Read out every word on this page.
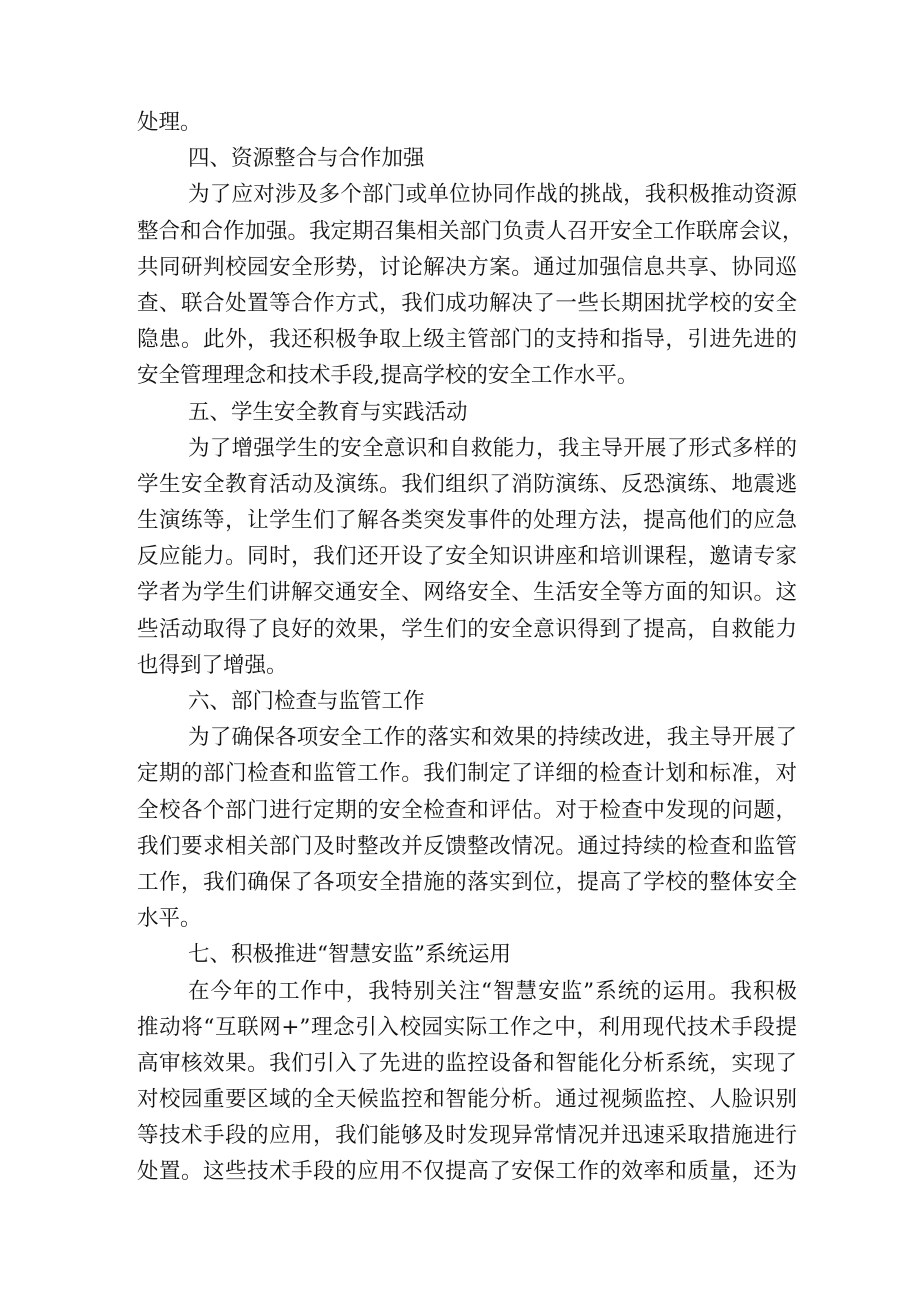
处理。
四、资源整合与合作加强
为了应对涉及多个部门或单位协同作战的挑战，我积极推动资源
整合和合作加强。我定期召集相关部门负责人召开安全工作联席会议，
共同研判校园安全形势，讨论解决方案。通过加强信息共享、协同巡
查、联合处置等合作方式，我们成功解决了一些长期困扰学校的安全
隐患。此外，我还积极争取上级主管部门的支持和指导，引进先进的
安全管理理念和技术手段,提高学校的安全工作水平。
五、学生安全教育与实践活动
为了增强学生的安全意识和自救能力，我主导开展了形式多样的
学生安全教育活动及演练。我们组织了消防演练、反恐演练、地震逃
生演练等，让学生们了解各类突发事件的处理方法，提高他们的应急
反应能力。同时，我们还开设了安全知识讲座和培训课程，邀请专家
学者为学生们讲解交通安全、网络安全、生活安全等方面的知识。这
些活动取得了良好的效果，学生们的安全意识得到了提高，自救能力
也得到了增强。
六、部门检查与监管工作
为了确保各项安全工作的落实和效果的持续改进，我主导开展了
定期的部门检查和监管工作。我们制定了详细的检查计划和标准，对
全校各个部门进行定期的安全检查和评估。对于检查中发现的问题，
我们要求相关部门及时整改并反馈整改情况。通过持续的检查和监管
工作，我们确保了各项安全措施的落实到位，提高了学校的整体安全
水平。
七、积极推进“智慧安监”系统运用
在今年的工作中，我特别关注“智慧安监”系统的运用。我积极
推动将“互联网+”理念引入校园实际工作之中，利用现代技术手段提
高审核效果。我们引入了先进的监控设备和智能化分析系统，实现了
对校园重要区域的全天候监控和智能分析。通过视频监控、人脸识别
等技术手段的应用，我们能够及时发现异常情况并迅速采取措施进行
处置。这些技术手段的应用不仅提高了安保工作的效率和质量，还为
